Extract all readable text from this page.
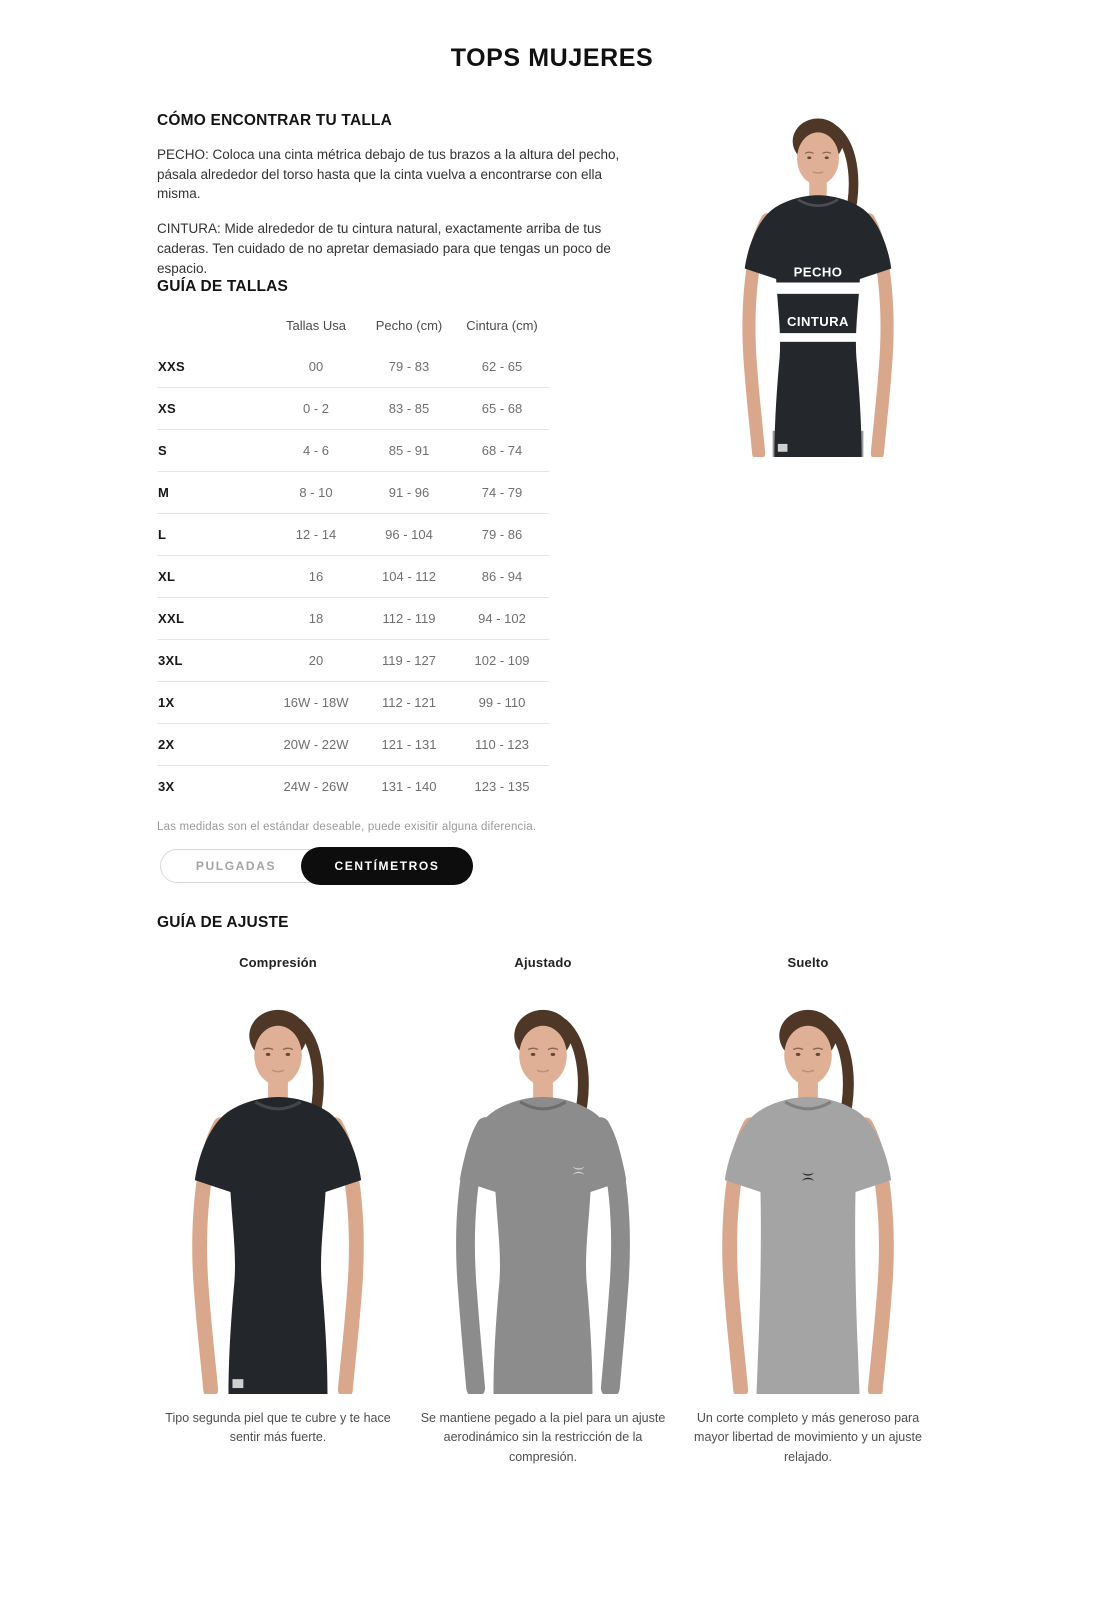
TOPS MUJERES
CÓMO ENCONTRAR TU TALLA

PECHO: Coloca una cinta métrica debajo de tus brazos a la altura del pecho, pásala alrededor del torso hasta que la cinta vuelva a encontrarse con ella misma.

CINTURA: Mide alrededor de tu cintura natural, exactamente arriba de tus caderas. Ten cuidado de no apretar demasiado para que tengas un poco de espacio.

GUÍA DE TALLAS
	Tallas Usa	Pecho (cm)	Cintura (cm)
XXS	00	79 - 83	62 - 65
XS	0 - 2	83 - 85	65 - 68
S	4 - 6	85 - 91	68 - 74
M	8 - 10	91 - 96	74 - 79
L	12 - 14	96 - 104	79 - 86
XL	16	104 - 112	86 - 94
XXL	18	112 - 119	94 - 102
3XL	20	119 - 127	102 - 109
1X	16W - 18W	112 - 121	99 - 110
2X	20W - 22W	121 - 131	110 - 123
3X	24W - 26W	131 - 140	123 - 135
Las medidas son el estándar deseable, puede exisitir alguna diferencia.
PULGADAS	CENTÍMETROS
PECHO
CINTURA
GUÍA DE AJUSTE
Compresión
Tipo segunda piel que te cubre y te hace sentir más fuerte.
Ajustado
Se mantiene pegado a la piel para un ajuste aerodinámico sin la restricción de la compresión.
Suelto
Un corte completo y más generoso para mayor libertad de movimiento y un ajuste relajado.
